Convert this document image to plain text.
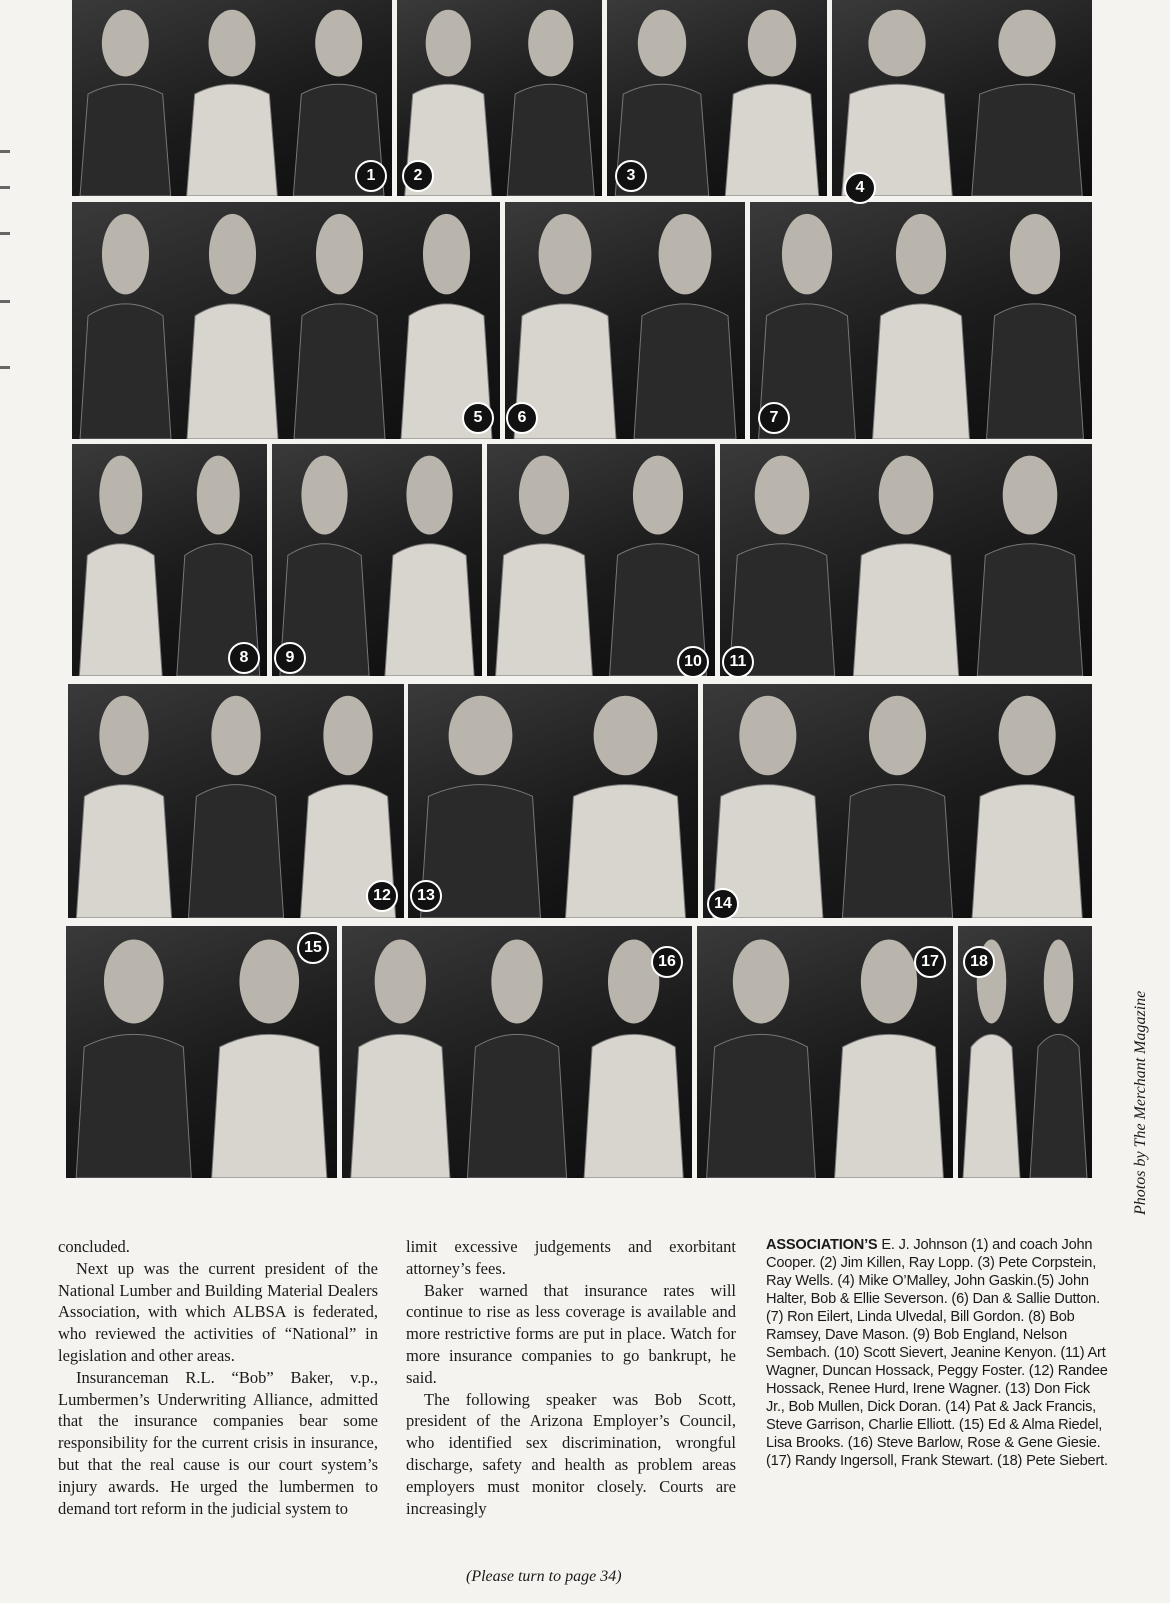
1	2	3
4
5	6	7
8	9	10	11
12	13	14
15
16	17	18
Photos by The Merchant Magazine

concluded.

Next up was the current president of the National Lumber and Building Material Dealers Association, with which ALBSA is federated, who reviewed the activities of “National” in legislation and other areas.

Insuranceman R.L. “Bob” Baker, v.p., Lumbermen’s Underwriting Alliance, admitted that the insurance companies bear some responsibility for the current crisis in insurance, but that the real cause is our court system’s injury awards. He urged the lumbermen to demand tort reform in the judicial system to

limit excessive judgements and exorbitant attorney’s fees.

Baker warned that insurance rates will continue to rise as less coverage is available and more restrictive forms are put in place. Watch for more insurance companies to go bankrupt, he said.

The following speaker was Bob Scott, president of the Arizona Employer’s Council, who identified sex discrimination, wrongful discharge, safety and health as problem areas employers must monitor closely. Courts are increasingly

ASSOCIATION’S E. J. Johnson (1) and coach John Cooper. (2) Jim Killen, Ray Lopp. (3) Pete Corpstein, Ray Wells. (4) Mike O’Malley, John Gaskin.(5) John Halter, Bob & Ellie Severson. (6) Dan & Sallie Dutton.(7) Ron Eilert, Linda Ulvedal, Bill Gordon. (8) Bob Ramsey, Dave Mason. (9) Bob England, Nelson Sembach. (10) Scott Sievert, Jeanine Kenyon. (11) Art Wagner, Duncan Hossack, Peggy Foster. (12) Randee Hossack, Renee Hurd, Irene Wagner. (13) Don Fick Jr., Bob Mullen, Dick Doran. (14) Pat & Jack Francis, Steve Garrison, Charlie Elliott. (15) Ed & Alma Riedel, Lisa Brooks. (16) Steve Barlow, Rose & Gene Giesie. (17) Randy Ingersoll, Frank Stewart. (18) Pete Siebert.
(Please turn to page 34)
